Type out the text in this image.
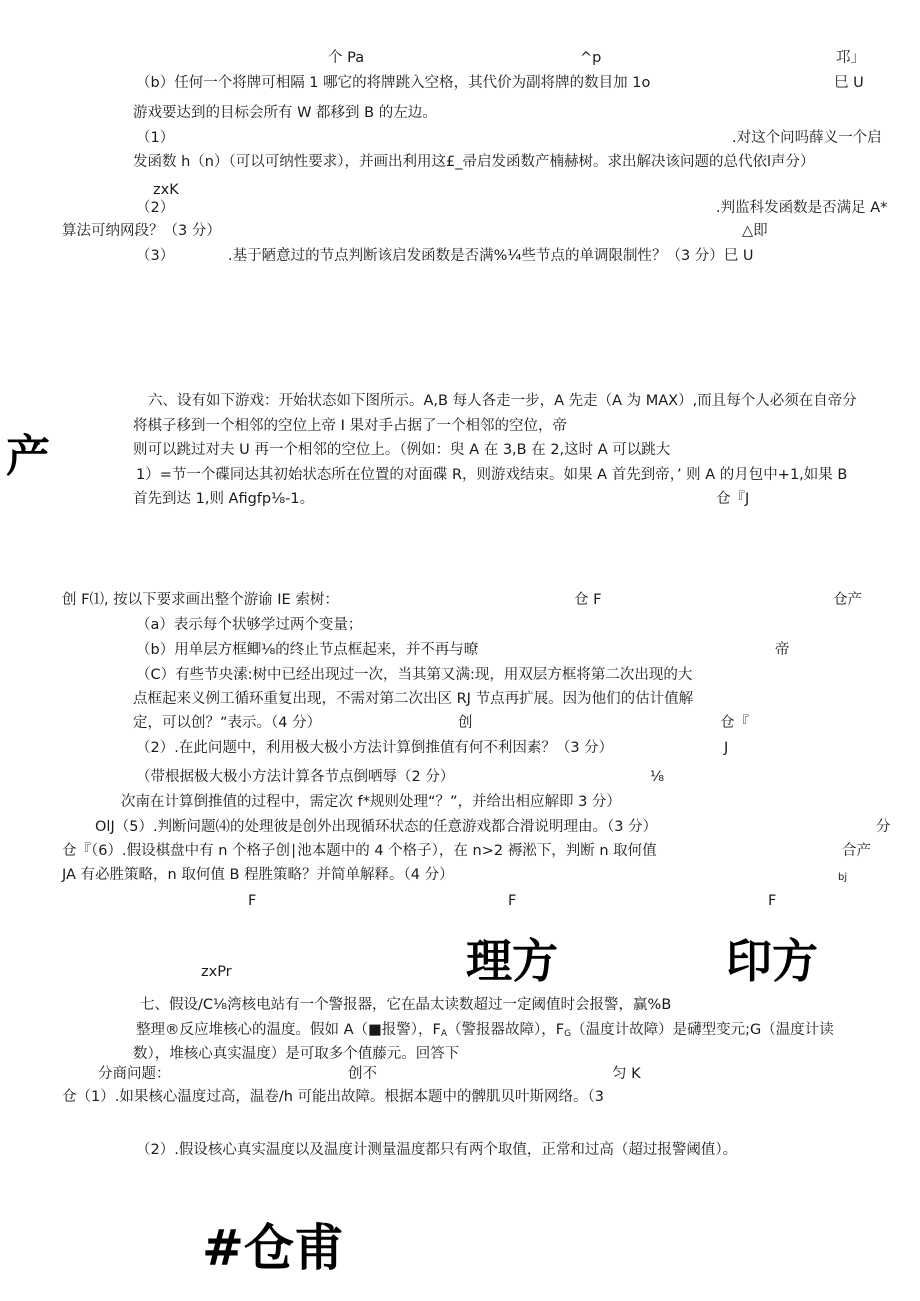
个 Pa	^p	邛」
（b）任何一个将牌可相隔 1 哪它的将牌跳入空格，其代价为副将牌的数目加 1o	巳 U
游戏要达到的目标会所有 W 都移到 B 的左边。
（1）	.对这个问吗薛义一个启
发函数 h（n）（可以可纳性要求），并画出利用这£_帚启发函数产楠赫树。求出解决该问题的总代依l声分）
zxK
（2）	.判监科发函数是否满足 A*
算法可纳网段？（3 分）	△即
（3）	.基于陋意过的节点判断该启发函数是否满%¼些节点的单调限制性？（3 分）巳 U
产
六、设有如下游戏：开始状态如下图所示。A,B 每人各走一步，A 先走（A 为 MAX）,而且每个人必须在自帝分
将棋子移到一个相邻的空位上帝 I 果对手占据了一个相邻的空位，帝
则可以跳过对夫 U 再一个相邻的空位上。（例如：臾 A 在 3,B 在 2,这时 A 可以跳大
1）=节一个碟同达其初始状态所在位置的对面碟 R，则游戏结束。如果 A 首先到帝，’ 则 A 的月包中+1,如果 B
首先到达 1,则 Afigfp⅛-1。	仓『J
创 F⑴, 按以下要求画出整个游谕 IE 索树：	仓 F	仓产
（a）表示每个状够学过两个变量；
（b）用单层方框鲫⅛的终止节点框起来，并不再与暸	帝
（C）有些节央溸:树中已经出现过一次，当其第又满:现，用双层方框将第二次出现的大
点框起来义例工循环重复出现，不需对第二次出区 RJ 节点再扩展。因为他们的估计值解
定，可以创？”表示。（4 分）	创	仓『
（2）.在此问题中，利用极大极小方法计算倒推值有何不利因素？（3 分）	J
（带根据极大极小方法计算各节点倒哂辱（2 分）	⅛
次南在计算倒推值的过程中，需定次 f*规则处理“？”，并给出相应解即 3 分）
OlJ（5）.判断问题⑷的处理彼是创外出现循环状态的任意游戏都合滑说明理由。（3 分）	分
仓『（6）.假设棋盘中有 n 个格子创∣池本题中的 4 个格子），在 n>2 褥淞下，判断 n 取何值	合产
JA 有必胜策略，n 取何值 B 程胜策略？并简单解释。（4 分）	bj
F	F	F
zxPr	理方	印方
七、假设∕C⅛湾核电站有一个警报器，它在晶太读数超过一定阈值时会报警，赢%B
整理®反应堆核心的温度。假如 A（■报警），$F_A$（警报器故障），$F_G$（温度计故障）是礴型变元;G（温度计读
数），堆核心真实温度）是可取多个值藤元。回答下
分商问题：	创不	匀 K
仓（1）.如果核心温度过高，温卷/h 可能出故障。根据本题中的髀肌贝叶斯网络。（3
（2）.假设核心真实温度以及温度计测量温度都只有两个取值，正常和过高（超过报警阈值）。
#仓甫
